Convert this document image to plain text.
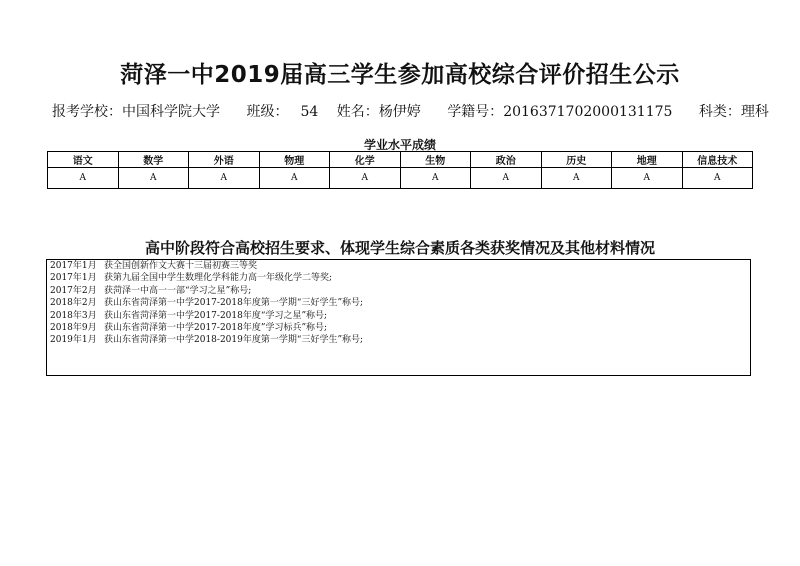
菏泽一中2019届高三学生参加高校综合评价招生公示
报考学校：中国科学院大学 班级： 54 姓名：杨伊婷 学籍号：2016371702000131175 科类：理科
学业水平成绩
语文	数学	外语	物理	化学	生物	政治	历史	地理	信息技术
A	A	A	A	A	A	A	A	A	A
高中阶段符合高校招生要求、体现学生综合素质各类获奖情况及其他材料情况
2017年1月 获全国创新作文大赛十三届初赛三等奖
2017年1月 获第九届全国中学生数理化学科能力高一年级化学二等奖;
2017年2月 获菏泽一中高一一部“学习之星”称号;
2018年2月 获山东省菏泽第一中学2017-2018年度第一学期“三好学生”称号;
2018年3月 获山东省菏泽第一中学2017-2018年度“学习之星”称号;
2018年9月 获山东省菏泽第一中学2017-2018年度”学习标兵”称号;
2019年1月 获山东省菏泽第一中学2018-2019年度第一学期“三好学生”称号;
